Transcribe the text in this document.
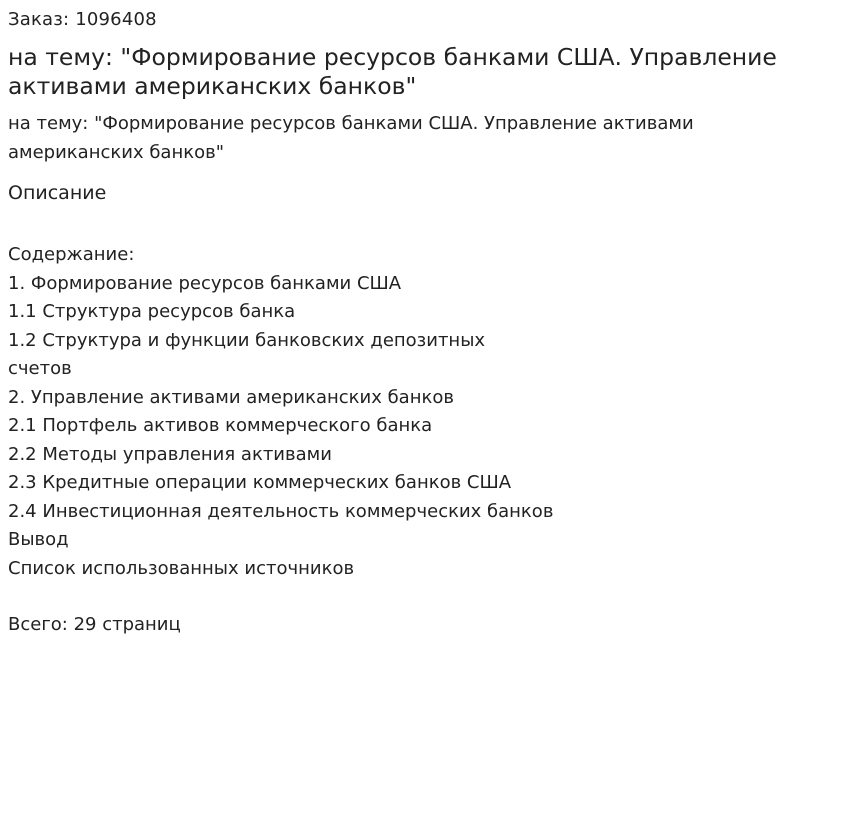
Заказ: 1096408

на тему: "Формирование ресурсов банками США. Управление активами американских банков"

на тему: "Формирование ресурсов банками США. Управление активами американских банков"

Описание

Содержание:

1. Формирование ресурсов банками США
1.1 Структура ресурсов банка
1.2 Структура и функции банковских депозитных счетов
2. Управление активами американских банков
2.1 Портфель активов коммерческого банка
2.2 Методы управления активами
2.3 Кредитные операции коммерческих банков США
2.4 Инвестиционная деятельность коммерческих банков
Вывод
Список использованных источников

Всего: 29 страниц
